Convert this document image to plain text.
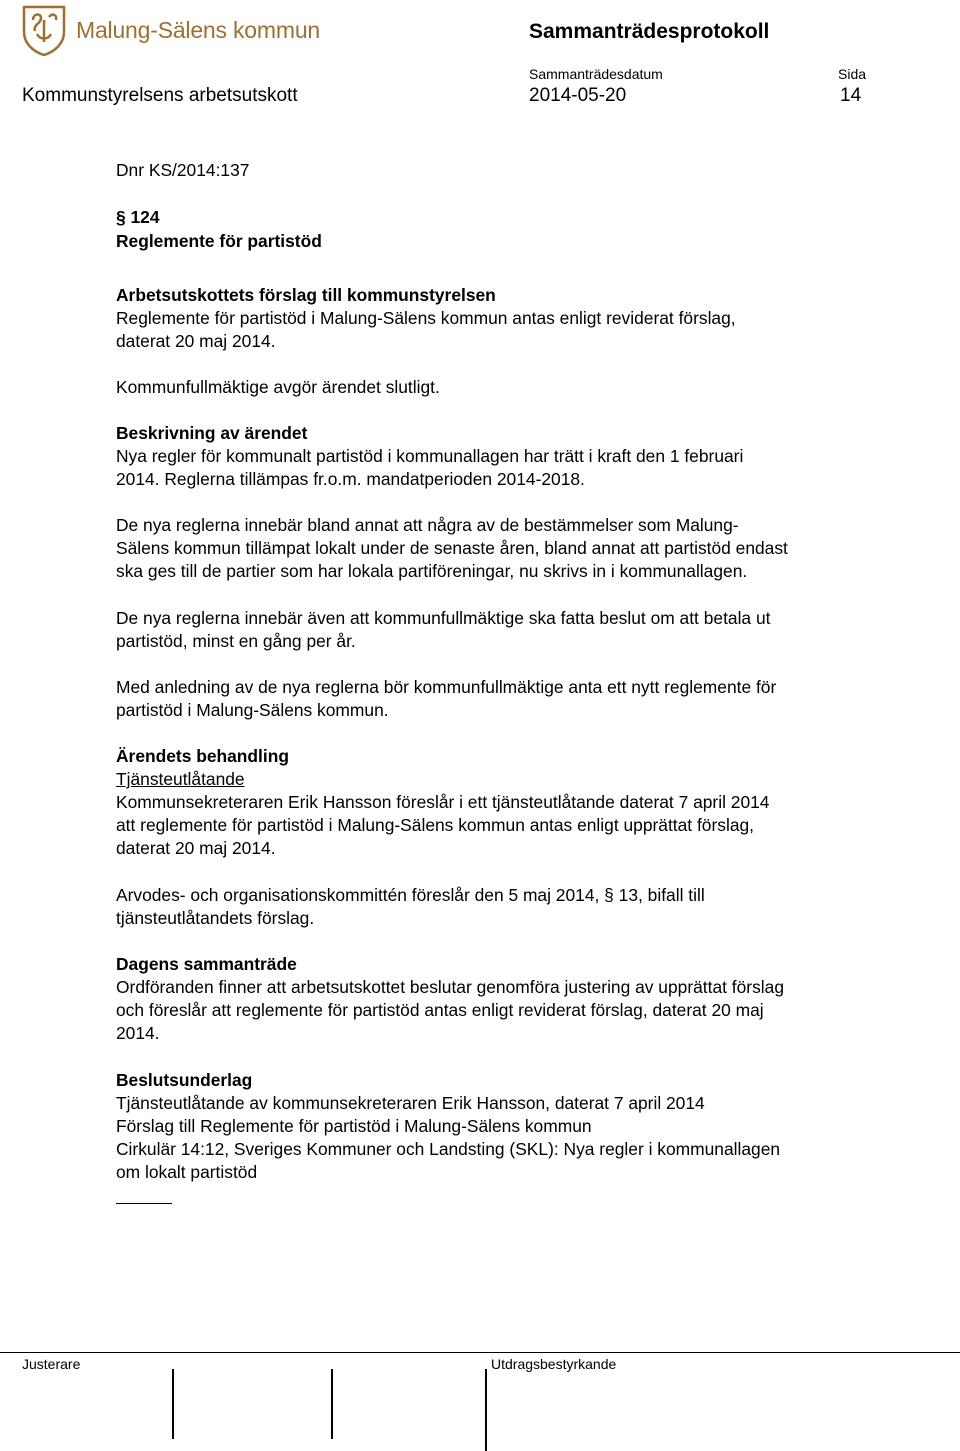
Malung-Sälens kommun	Sammanträdesprotokoll
Sammanträdesdatum	Sida
Kommunstyrelsens arbetsutskott	2014-05-20	14
Dnr KS/2014:137
§ 124
Reglemente för partistöd
Arbetsutskottets förslag till kommunstyrelsen
Reglemente för partistöd i Malung-Sälens kommun antas enligt reviderat förslag,
daterat 20 maj 2014.
Kommunfullmäktige avgör ärendet slutligt.
Beskrivning av ärendet
Nya regler för kommunalt partistöd i kommunallagen har trätt i kraft den 1 februari
2014. Reglerna tillämpas fr.o.m. mandatperioden 2014-2018.
De nya reglerna innebär bland annat att några av de bestämmelser som Malung-
Sälens kommun tillämpat lokalt under de senaste åren, bland annat att partistöd endast
ska ges till de partier som har lokala partiföreningar, nu skrivs in i kommunallagen.
De nya reglerna innebär även att kommunfullmäktige ska fatta beslut om att betala ut
partistöd, minst en gång per år.
Med anledning av de nya reglerna bör kommunfullmäktige anta ett nytt reglemente för
partistöd i Malung-Sälens kommun.
Ärendets behandling
Tjänsteutlåtande
Kommunsekreteraren Erik Hansson föreslår i ett tjänsteutlåtande daterat 7 april 2014
att reglemente för partistöd i Malung-Sälens kommun antas enligt upprättat förslag,
daterat 20 maj 2014.
Arvodes- och organisationskommittén föreslår den 5 maj 2014, § 13, bifall till
tjänsteutlåtandets förslag.
Dagens sammanträde
Ordföranden finner att arbetsutskottet beslutar genomföra justering av upprättat förslag
och föreslår att reglemente för partistöd antas enligt reviderat förslag, daterat 20 maj
2014.
Beslutsunderlag
Tjänsteutlåtande av kommunsekreteraren Erik Hansson, daterat 7 april 2014
Förslag till Reglemente för partistöd i Malung-Sälens kommun
Cirkulär 14:12, Sveriges Kommuner och Landsting (SKL): Nya regler i kommunallagen
om lokalt partistöd
Justerare	Utdragsbestyrkande
